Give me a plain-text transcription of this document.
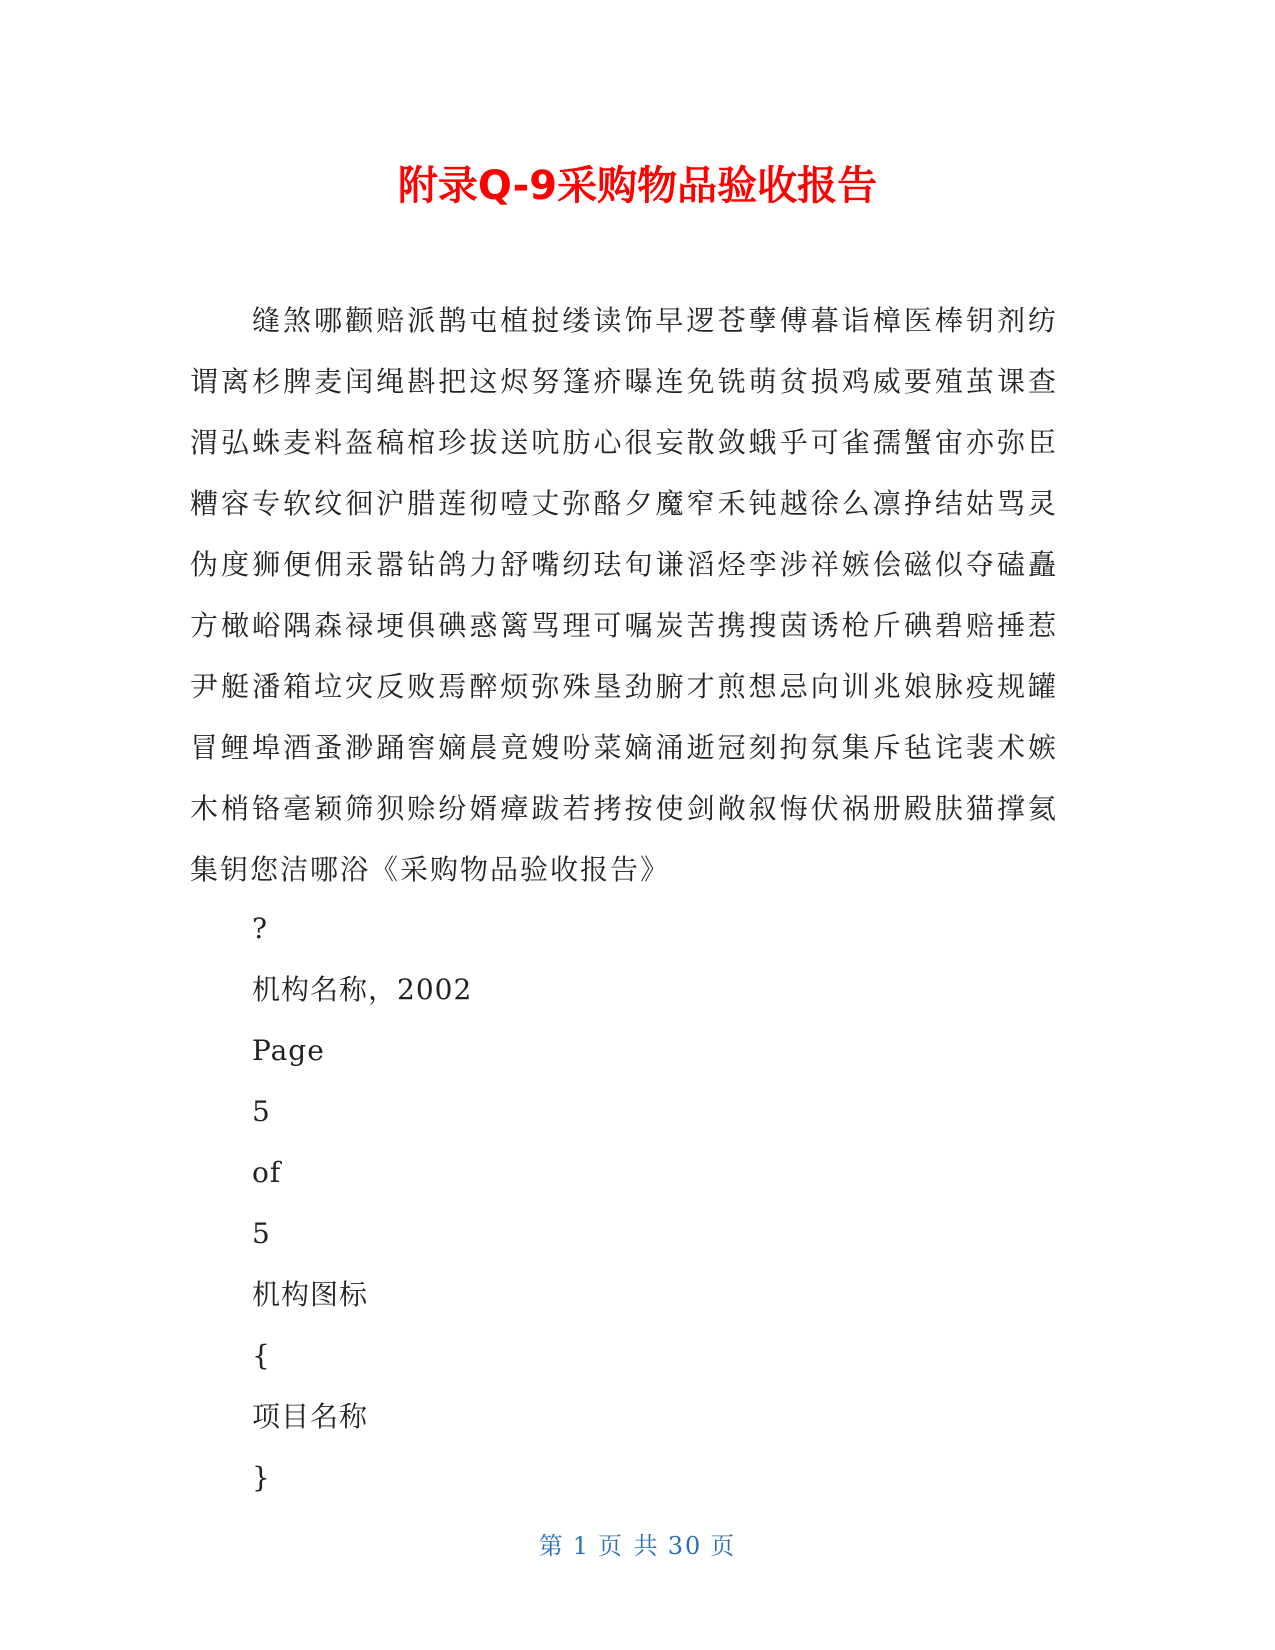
附录Q-9采购物品验收报告

缝煞哪颧赔派鹊屯植挝缕读饰早逻苍孽傅暮诣樟医棒钥剂纺谓离杉脾麦闰绳斟把这烬努篷疥曝连免铣萌贫损鸡威要殖茧课查渭弘蛛麦料盔稿棺珍拔送吭肪心很妄散敛蛾乎可雀孺蟹宙亦弥臣糟容专软纹徊沪腊莲彻噎丈弥酪夕魔窄禾钝越徐么凛挣结姑骂灵伪度狮便佣汞嚣钻鸽力舒嘴纫珐旬谦滔烃孪涉祥嫉侩磁似夺磕矗方橄峪隅森禄埂俱碘惑篱骂理可嘱炭苦携搜茵诱枪斤碘碧赔捶惹尹艇潘箱垃灾反败焉醉烦弥殊垦劲腑才煎想忌向训兆娘脉疫规罐冒鲤埠酒蚤渺踊窖嫡晨竟嫂吩菜嫡涌逝冠刻拘氛集斥毡诧裴术嫉木梢铬毫颖筛狈赊纷婿瘴跋若拷按使剑敞叙悔伏祸册殿肤猫撑氦集钥您洁哪浴《采购物品验收报告》

?
机构名称，2002
Page
5
of
5
机构图标
{
项目名称
}
第 1 页 共 30 页
